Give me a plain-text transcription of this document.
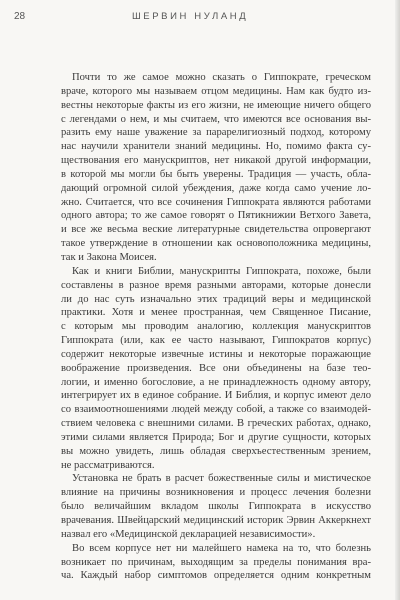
28	ШЕРВИН НУЛАНД
Почти то же самое можно сказать о Гиппократе, греческом
враче, которого мы называем отцом медицины. Нам как будто из-
вестны некоторые факты из его жизни, не имеющие ничего общего
с легендами о нем, и мы считаем, что имеются все основания вы-
разить ему наше уважение за парарелигиозный подход, которому
нас научили хранители знаний медицины. Но, помимо факта су-
ществования его манускриптов, нет никакой другой информации,
в которой мы могли бы быть уверены. Традиция — участь, обла-
дающий огромной силой убеждения, даже когда само учение ло-
жно. Считается, что все сочинения Гиппократа являются работами
одного автора; то же самое говорят о Пятикнижии Ветхого Завета,
и все же весьма веские литературные свидетельства опровергают
такое утверждение в отношении как основоположника медицины,
так и Закона Моисея.
Как и книги Библии, манускрипты Гиппократа, похоже, были
составлены в разное время разными авторами, которые донесли
ли до нас суть изначально этих традиций веры и медицинской
практики. Хотя и менее пространная, чем Священное Писание,
с которым мы проводим аналогию, коллекция манускриптов
Гиппократа (или, как ее часто называют, Гиппократов корпус)
содержит некоторые извечные истины и некоторые поражающие
воображение произведения. Все они объединены на базе тео-
логии, и именно богословие, а не принадлежность одному автору,
интегрирует их в единое собрание. И Библия, и корпус имеют дело
со взаимоотношениями людей между собой, а также со взаимодей-
ствием человека с внешними силами. В греческих работах, однако,
этими силами является Природа; Бог и другие сущности, которых
вы можно увидеть, лишь обладая сверхъестественным зрением,
не рассматриваются.
Установка не брать в расчет божественные силы и мистическое
влияние на причины возникновения и процесс лечения болезни
было величайшим вкладом школы Гиппократа в искусство
врачевания. Швейцарский медицинский историк Эрвин Аккеркнехт
назвал его «Медицинской декларацией независимости».
Во всем корпусе нет ни малейшего намека на то, что болезнь
возникает по причинам, выходящим за пределы понимания вра-
ча. Каждый набор симптомов определяется одним конкретным
